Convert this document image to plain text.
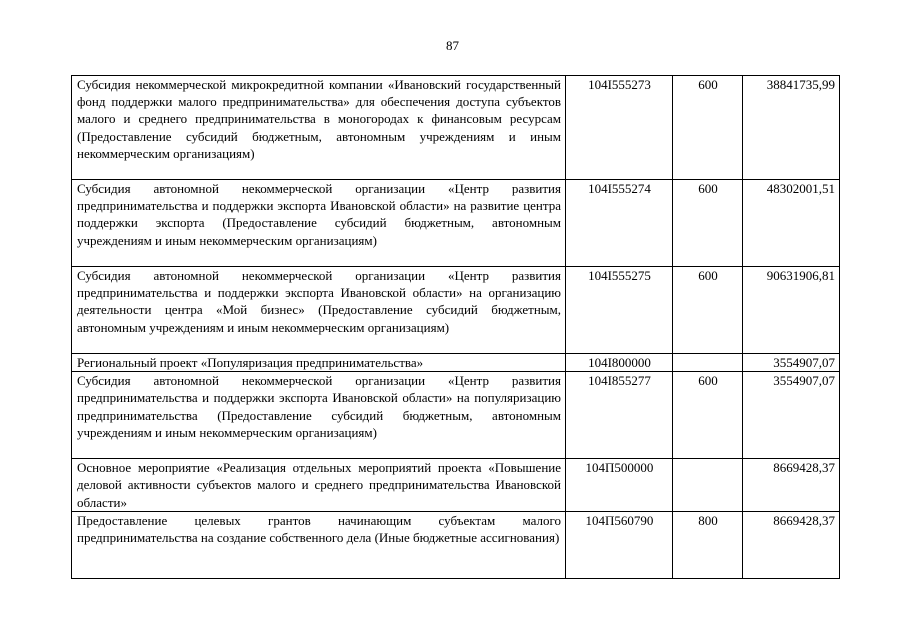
87
Субсидия некоммерческой микрокредитной компании «Ивановский государственный фонд поддержки малого предпринимательства» для обеспечения доступа субъектов малого и среднего предпринимательства в моногородах к финансовым ресурсам (Предоставление субсидий бюджетным, автономным учреждениям и иным некоммерческим организациям)	104I555273	600	38841735,99
Субсидия автономной некоммерческой организации «Центр развития предпринимательства и поддержки экспорта Ивановской области» на развитие центра поддержки экспорта (Предоставление субсидий бюджетным, автономным учреждениям и иным некоммерческим организациям)	104I555274	600	48302001,51
Субсидия автономной некоммерческой организации «Центр развития предпринимательства и поддержки экспорта Ивановской области» на организацию деятельности центра «Мой бизнес» (Предоставление субсидий бюджетным, автономным учреждениям и иным некоммерческим организациям)	104I555275	600	90631906,81
Региональный проект «Популяризация предпринимательства»	104I800000		3554907,07
Субсидия автономной некоммерческой организации «Центр развития предпринимательства и поддержки экспорта Ивановской области» на популяризацию предпринимательства (Предоставление субсидий бюджетным, автономным учреждениям и иным некоммерческим организациям)	104I855277	600	3554907,07
Основное мероприятие «Реализация отдельных мероприятий проекта «Повышение деловой активности субъектов малого и среднего предпринимательства Ивановской области»	104П500000		8669428,37
Предоставление целевых грантов начинающим субъектам малого предпринимательства на создание собственного дела (Иные бюджетные ассигнования)	104П560790	800	8669428,37
